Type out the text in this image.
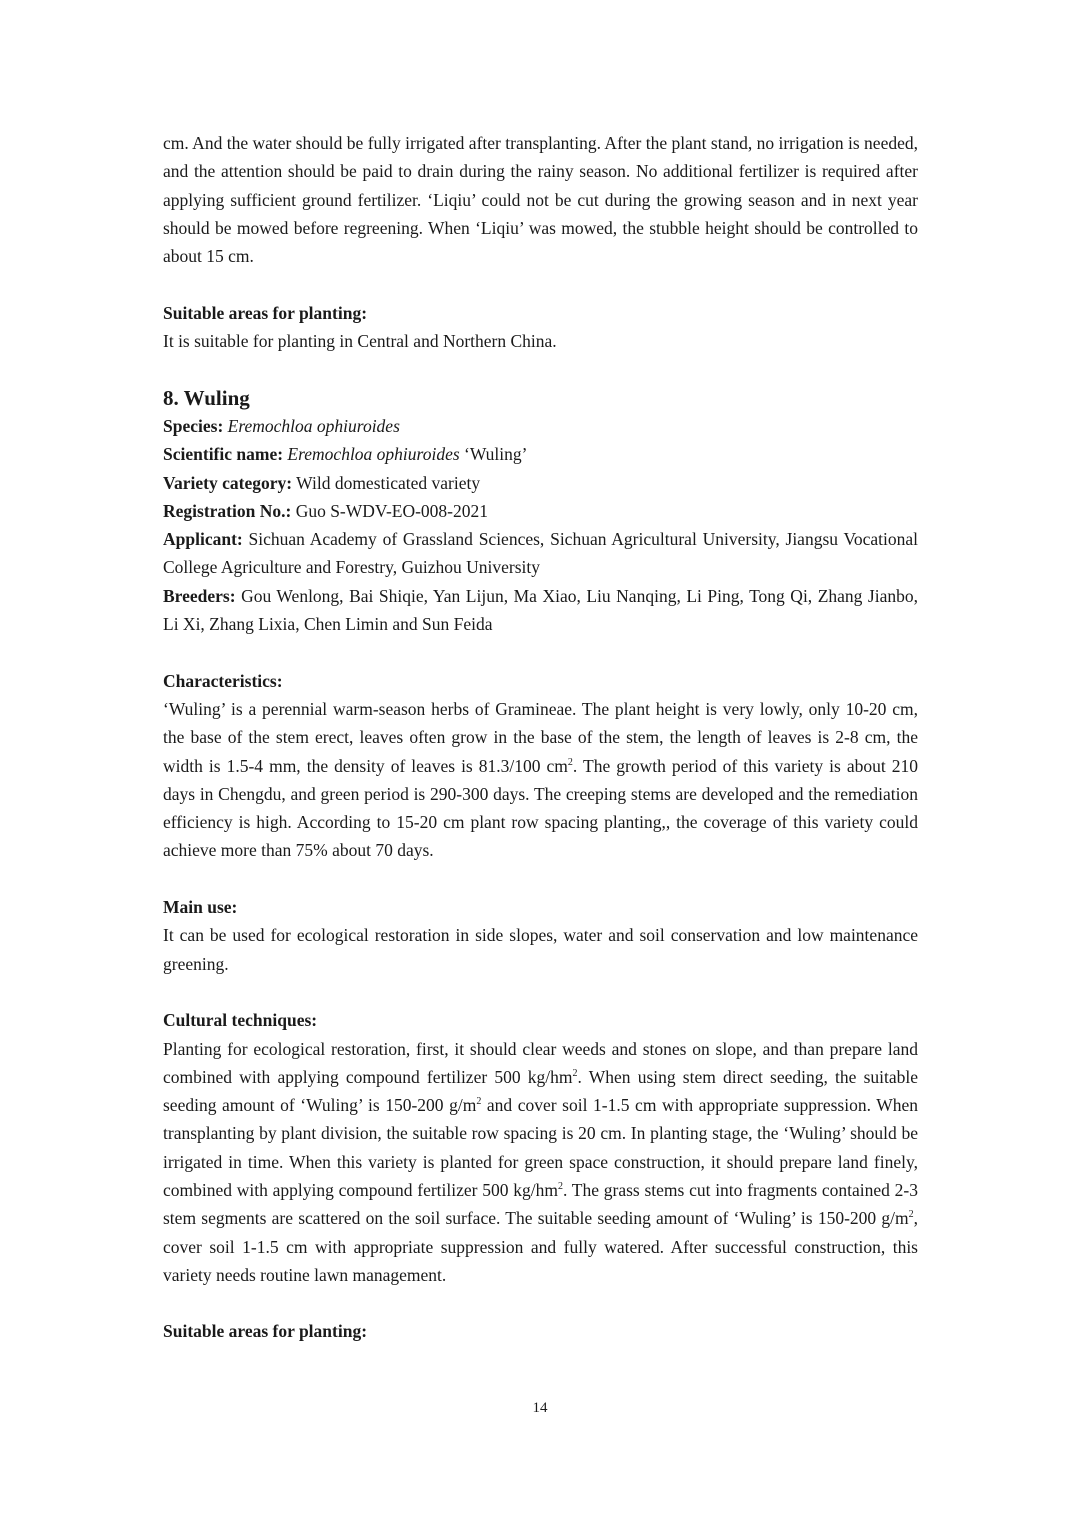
cm. And the water should be fully irrigated after transplanting. After the plant stand, no irrigation is needed, and the attention should be paid to drain during the rainy season. No additional fertilizer is required after applying sufficient ground fertilizer. ‘Liqiu’ could not be cut during the growing season and in next year should be mowed before regreening. When ‘Liqiu’ was mowed, the stubble height should be controlled to about 15 cm.

Suitable areas for planting:

It is suitable for planting in Central and Northern China.

8. Wuling

Species: Eremochloa ophiuroides

Scientific name: Eremochloa ophiuroides ‘Wuling’

Variety category: Wild domesticated variety

Registration No.: Guo S-WDV-EO-008-2021

Applicant: Sichuan Academy of Grassland Sciences, Sichuan Agricultural University, Jiangsu Vocational College Agriculture and Forestry, Guizhou University

Breeders: Gou Wenlong, Bai Shiqie, Yan Lijun, Ma Xiao, Liu Nanqing, Li Ping, Tong Qi, Zhang Jianbo, Li Xi, Zhang Lixia, Chen Limin and Sun Feida

Characteristics:

‘Wuling’ is a perennial warm-season herbs of Gramineae. The plant height is very lowly, only 10-20 cm, the base of the stem erect, leaves often grow in the base of the stem, the length of leaves is 2-8 cm, the width is 1.5-4 mm, the density of leaves is 81.3/100 $cm^2$. The growth period of this variety is about 210 days in Chengdu, and green period is 290-300 days. The creeping stems are developed and the remediation efficiency is high. According to 15-20 cm plant row spacing planting,, the coverage of this variety could achieve more than 75% about 70 days.

Main use:

It can be used for ecological restoration in side slopes, water and soil conservation and low maintenance greening.

Cultural techniques:

Planting for ecological restoration, first, it should clear weeds and stones on slope, and than prepare land combined with applying compound fertilizer 500 $kg/hm^2$. When using stem direct seeding, the suitable seeding amount of ‘Wuling’ is 150-200 $g/m^2$ and cover soil 1-1.5 cm with appropriate suppression. When transplanting by plant division, the suitable row spacing is 20 cm. In planting stage, the ‘Wuling’ should be irrigated in time. When this variety is planted for green space construction, it should prepare land finely, combined with applying compound fertilizer 500 $kg/hm^2$. The grass stems cut into fragments contained 2-3 stem segments are scattered on the soil surface. The suitable seeding amount of ‘Wuling’ is 150-200 $g/m^2$, cover soil 1-1.5 cm with appropriate suppression and fully watered. After successful construction, this variety needs routine lawn management.

Suitable areas for planting:

14
